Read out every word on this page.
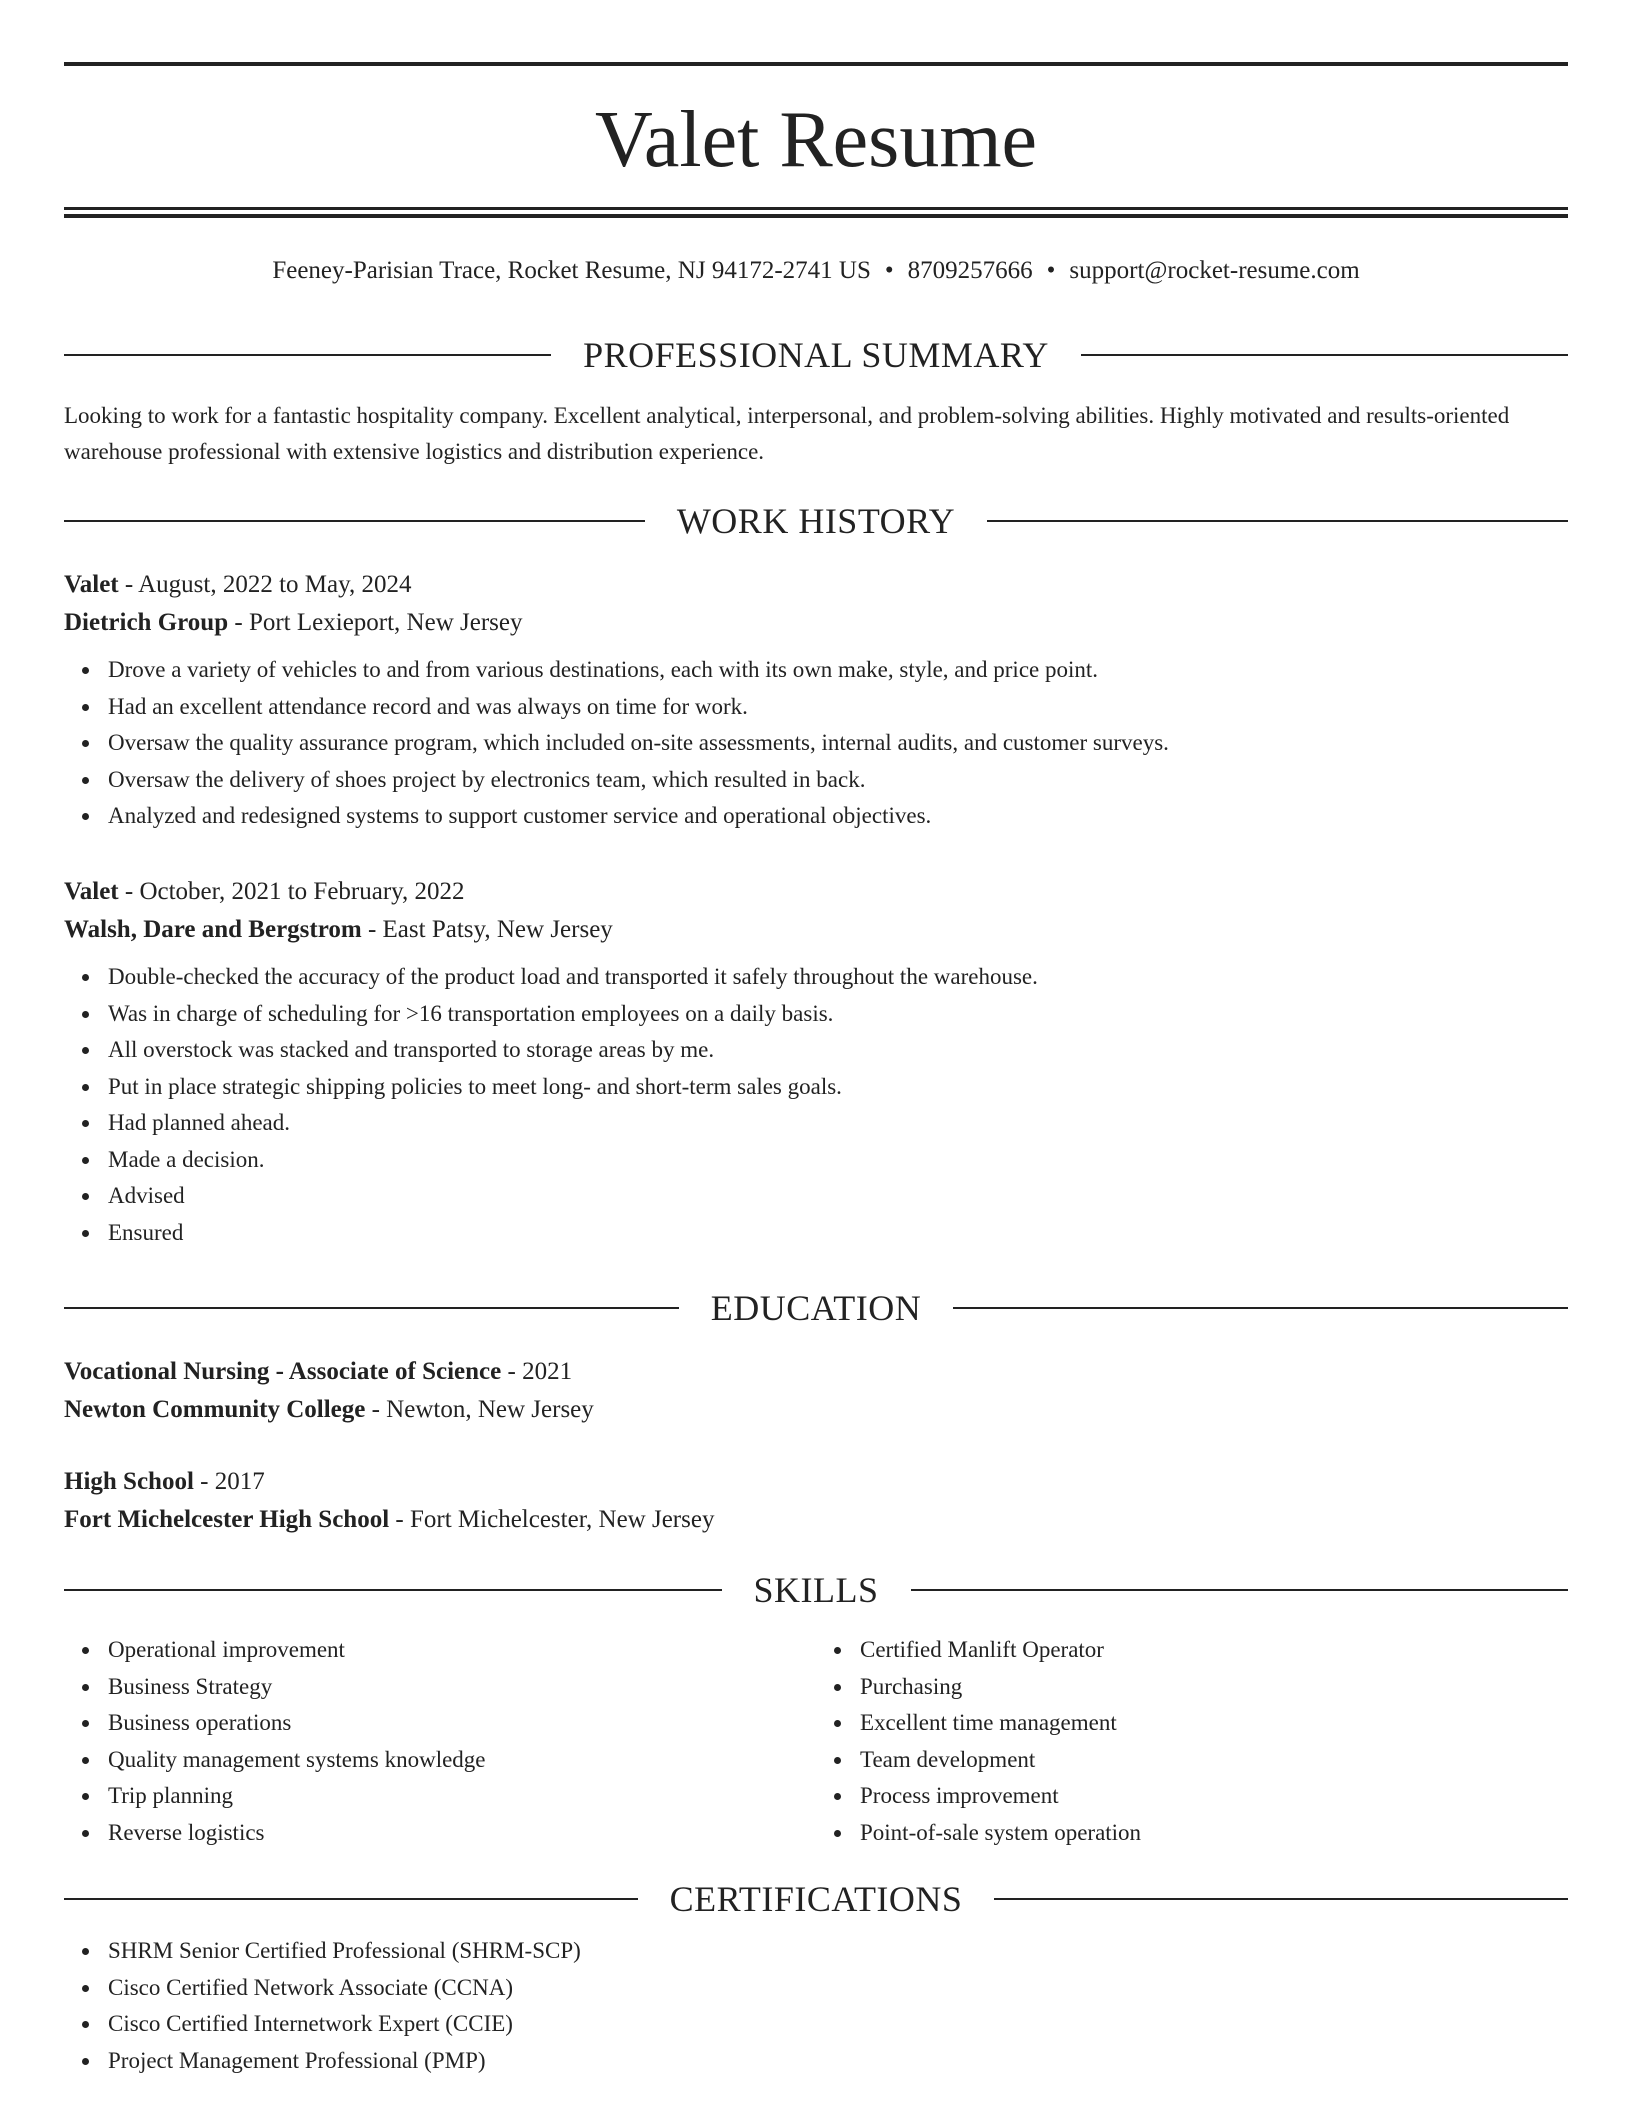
Valet Resume
Feeney-Parisian Trace, Rocket Resume, NJ 94172-2741 US • 8709257666 • support@rocket-resume.com
PROFESSIONAL SUMMARY

Looking to work for a fantastic hospitality company. Excellent analytical, interpersonal, and problem-solving abilities. Highly motivated and results-oriented warehouse professional with extensive logistics and distribution experience.

WORK HISTORY
Valet - August, 2022 to May, 2024
Dietrich Group - Port Lexieport, New Jersey
Drove a variety of vehicles to and from various destinations, each with its own make, style, and price point.
Had an excellent attendance record and was always on time for work.
Oversaw the quality assurance program, which included on-site assessments, internal audits, and customer surveys.
Oversaw the delivery of shoes project by electronics team, which resulted in back.
Analyzed and redesigned systems to support customer service and operational objectives.
Valet - October, 2021 to February, 2022
Walsh, Dare and Bergstrom - East Patsy, New Jersey
Double-checked the accuracy of the product load and transported it safely throughout the warehouse.
Was in charge of scheduling for >16 transportation employees on a daily basis.
All overstock was stacked and transported to storage areas by me.
Put in place strategic shipping policies to meet long- and short-term sales goals.
Had planned ahead.
Made a decision.
Advised
Ensured
EDUCATION
Vocational Nursing - Associate of Science - 2021
Newton Community College - Newton, New Jersey
High School - 2017
Fort Michelcester High School - Fort Michelcester, New Jersey
SKILLS
Operational improvement
Business Strategy
Business operations
Quality management systems knowledge
Trip planning
Reverse logistics
Certified Manlift Operator
Purchasing
Excellent time management
Team development
Process improvement
Point-of-sale system operation
CERTIFICATIONS
SHRM Senior Certified Professional (SHRM-SCP)
Cisco Certified Network Associate (CCNA)
Cisco Certified Internetwork Expert (CCIE)
Project Management Professional (PMP)
